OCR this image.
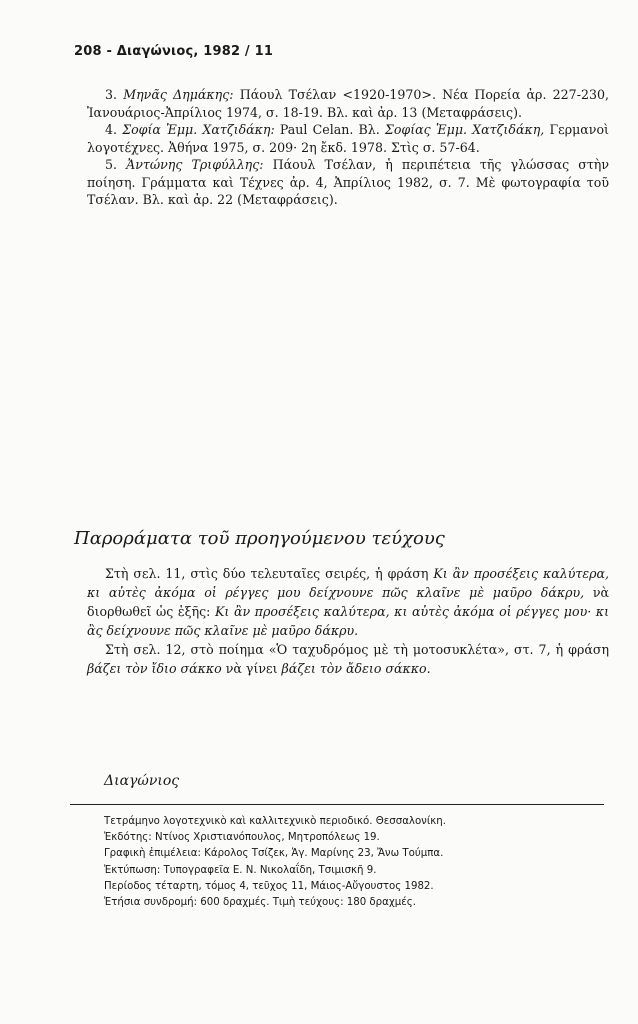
208 - Διαγώνιος, 1982 / 11

3. Μηνᾶς Δημάκης: Πάουλ Τσέλαν <1920-1970>. Νέα Πορεία ἀρ. 227-230, Ἰανουάριος-Ἀπρίλιος 1974, σ. 18-19. Βλ. καὶ ἀρ. 13 (Μεταφράσεις).

4. Σοφία Ἐμμ. Χατζιδάκη: Paul Celan. Βλ. Σοφίας Ἐμμ. Χατζιδάκη, Γερμανοὶ λογοτέχνες. Ἀθήνα 1975, σ. 209· 2η ἔκδ. 1978. Στὶς σ. 57-64.

5. Ἀντώνης Τριφύλλης: Πάουλ Τσέλαν, ἡ περιπέτεια τῆς γλώσσας στὴν ποίηση. Γράμματα καὶ Τέχνες ἀρ. 4, Ἀπρίλιος 1982, σ. 7. Μὲ φωτογραφία τοῦ Τσέλαν. Βλ. καὶ ἀρ. 22 (Μεταφράσεις).

Παροράματα τοῦ προηγούμενου τεύχους

Στὴ σελ. 11, στὶς δύο τελευταῖες σειρές, ἡ φράση Κι ἂν προσέξεις καλύτερα, κι αὐτὲς ἀκόμα οἱ ρέγγες μου δείχνουνε πῶς κλαῖνε μὲ μαῦρο δάκρυ, νὰ διορθωθεῖ ὡς ἑξῆς: Κι ἂν προσέξεις καλύτερα, κι αὐτὲς ἀκόμα οἱ ρέγγες μου· κι ἂς δείχνουνε πῶς κλαῖνε μὲ μαῦρο δάκρυ.

Στὴ σελ. 12, στὸ ποίημα «Ὁ ταχυδρόμος μὲ τὴ μοτοσυκλέτα», στ. 7, ἡ φράση βάζει τὸν ἴδιο σάκκο νὰ γίνει βάζει τὸν ἄδειο σάκκο.

Διαγώνιος
Τετράμηνο λογοτεχνικὸ καὶ καλλιτεχνικὸ περιοδικό. Θεσσαλονίκη.
Ἐκδότης: Ντίνος Χριστιανόπουλος, Μητροπόλεως 19.
Γραφικὴ ἐπιμέλεια: Κάρολος Τσίζεκ, Ἁγ. Μαρίνης 23, Ἄνω Τούμπα.
Ἐκτύπωση: Τυπογραφεῖα Ε. Ν. Νικολαΐδη, Τσιμισκῆ 9.
Περίοδος τέταρτη, τόμος 4, τεῦχος 11, Μάιος-Αὔγουστος 1982.
Ἐτήσια συνδρομή: 600 δραχμές. Τιμὴ τεύχους: 180 δραχμές.
